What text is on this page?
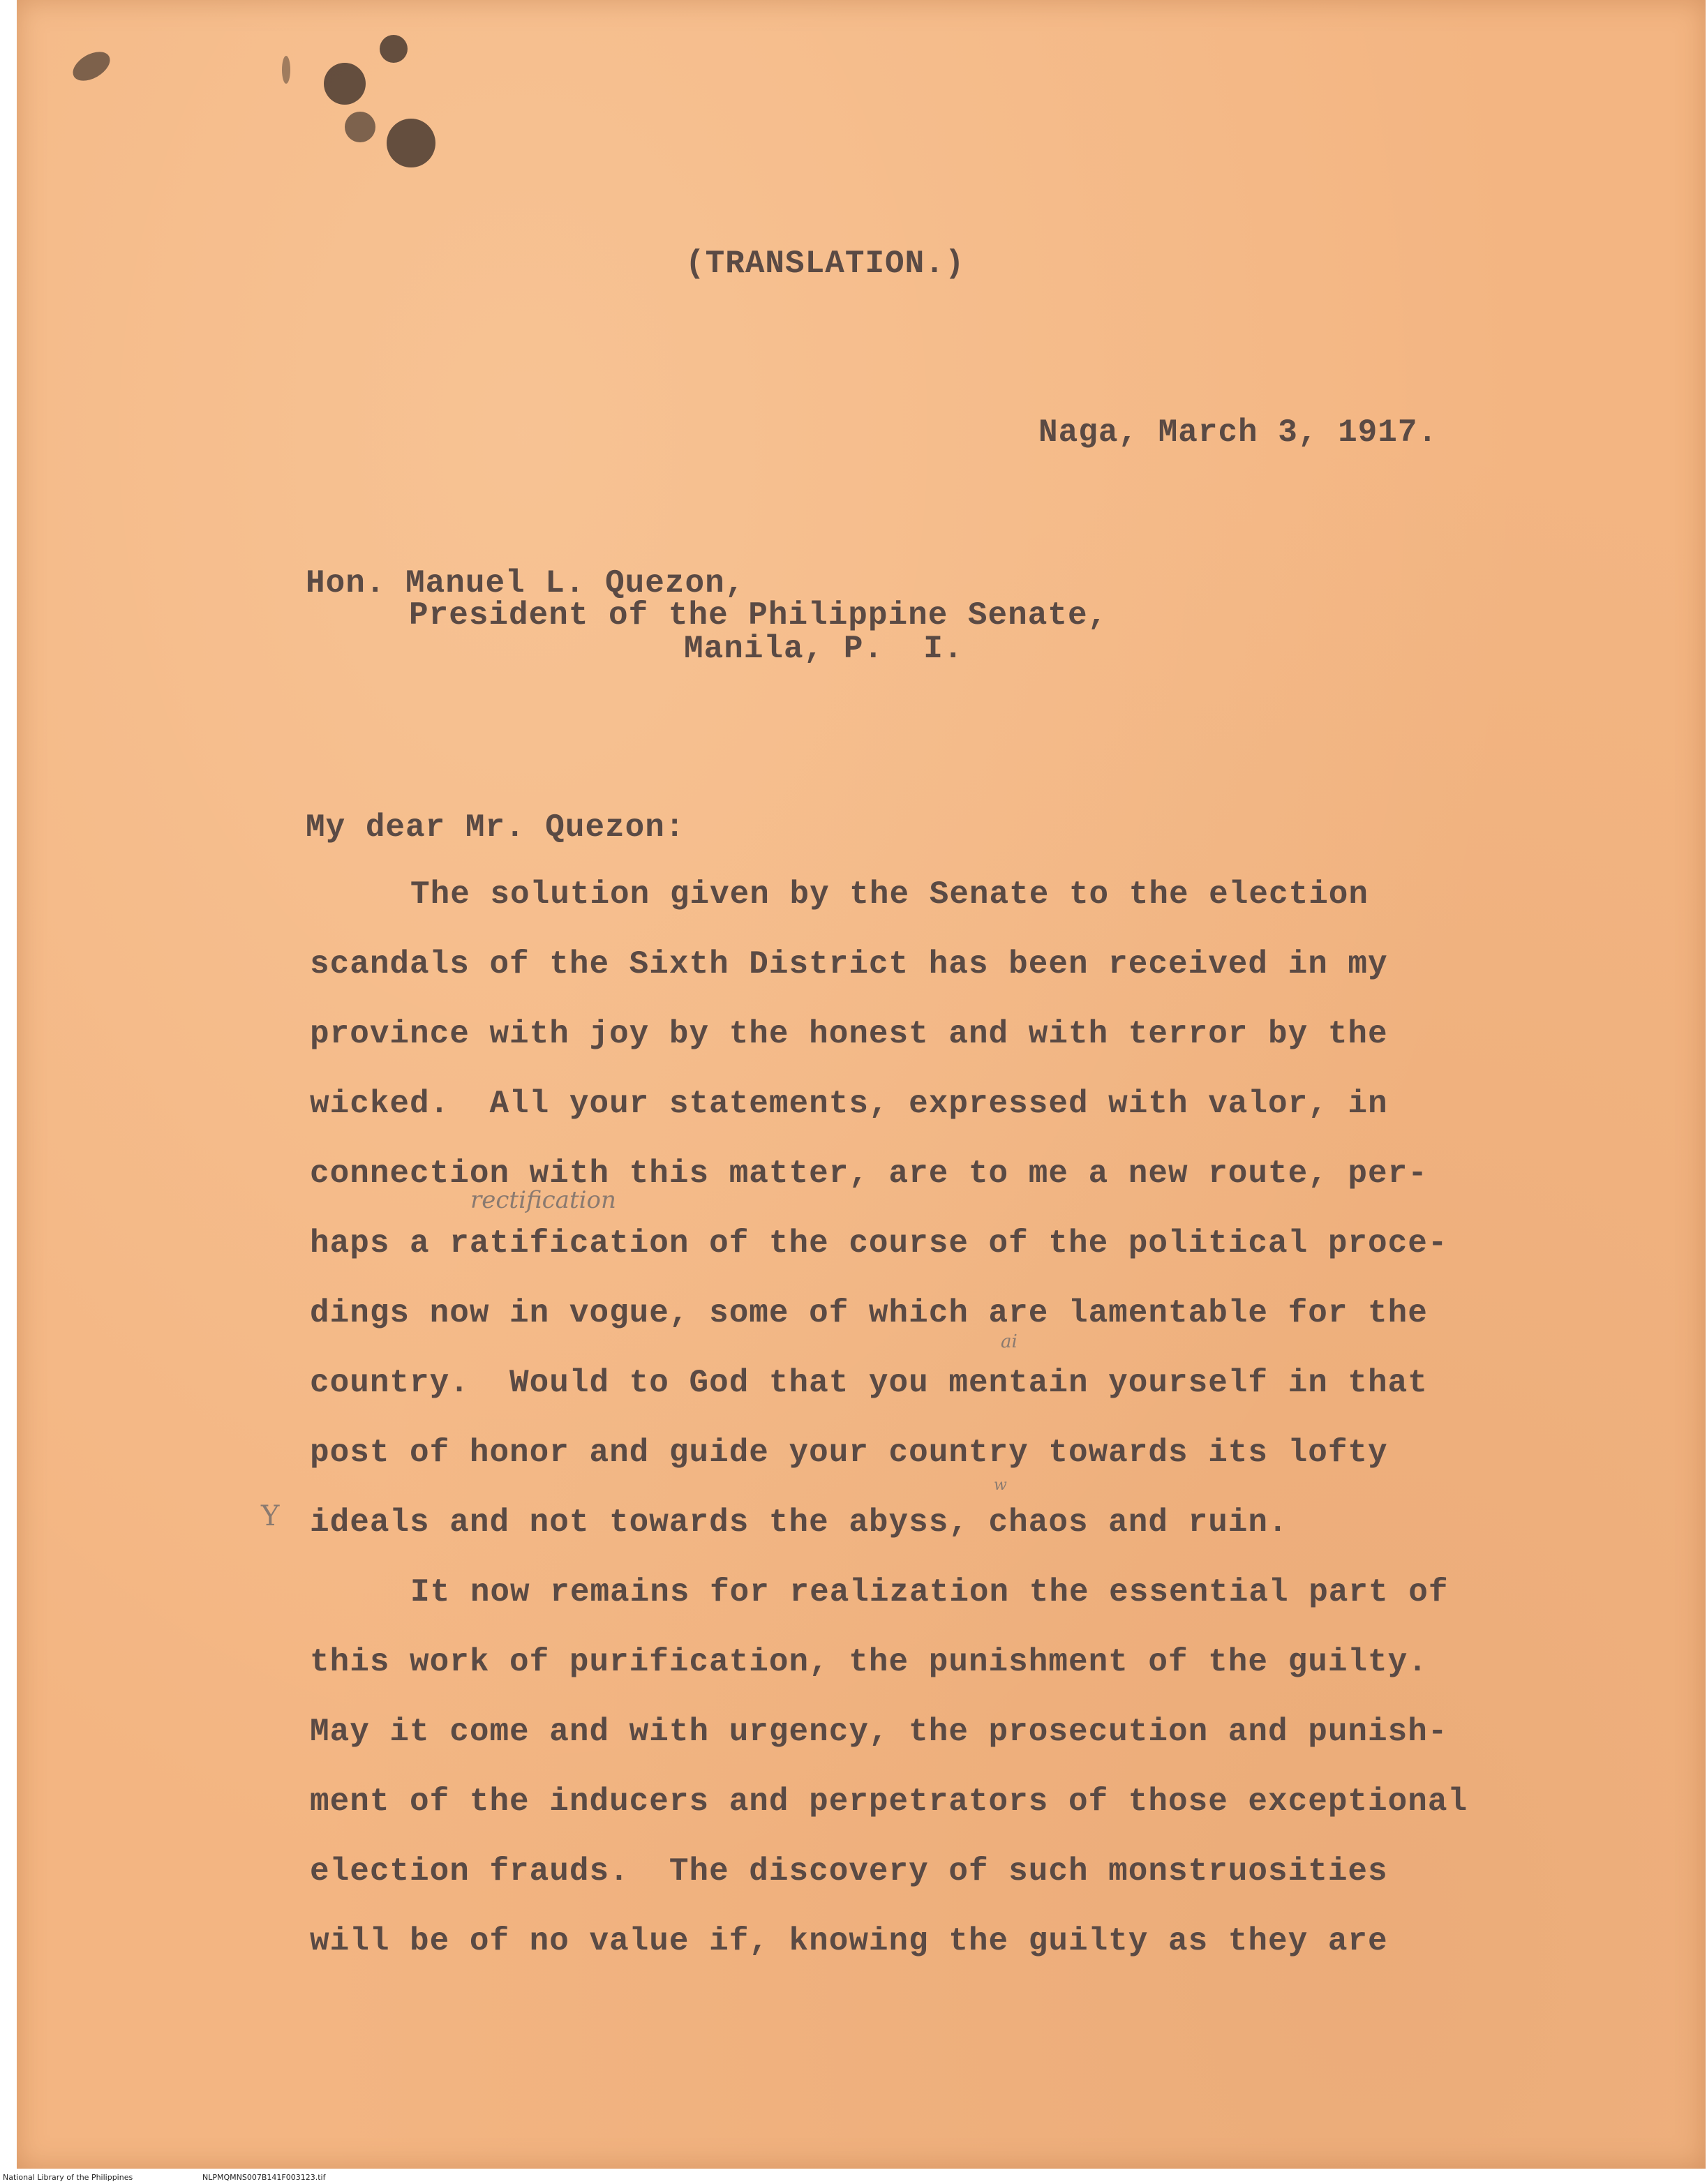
(TRANSLATION.)
Naga, March 3, 1917.
Hon. Manuel L. Quezon,
President of the Philippine Senate,
Manila, P.  I.
My dear Mr. Quezon:
The solution given by the Senate to the election
scandals of the Sixth District has been received in my
province with joy by the honest and with terror by the
wicked.  All your statements, expressed with valor, in
connection with this matter, are to me a new route, per-
haps a ratification of the course of the political proce-
dings now in vogue, some of which are lamentable for the
country.  Would to God that you mentain yourself in that
post of honor and guide your country towards its lofty
ideals and not towards the abyss, chaos and ruin.
It now remains for realization the essential part of
this work of purification, the punishment of the guilty.
May it come and with urgency, the prosecution and punish-
ment of the inducers and perpetrators of those exceptional
election frauds.  The discovery of such monstruosities
will be of no value if, knowing the guilty as they are
rectification
ai
w
Y
National Library of the Philippines	NLPMQMNS007B141F003123.tif
